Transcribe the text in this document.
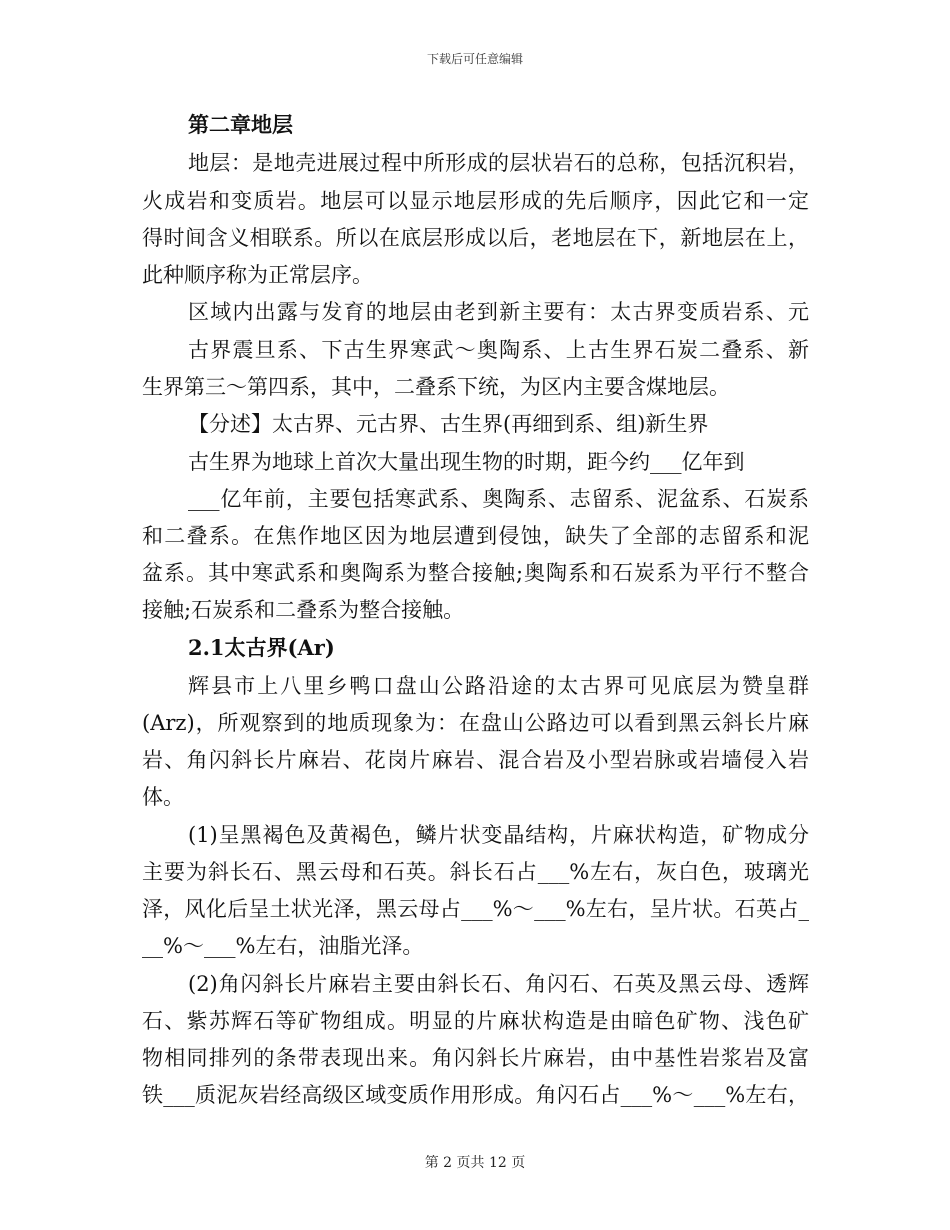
下载后可任意编辑
第二章地层
地层：是地壳进展过程中所形成的层状岩石的总称，包括沉积岩，
火成岩和变质岩。地层可以显示地层形成的先后顺序，因此它和一定
得时间含义相联系。所以在底层形成以后，老地层在下，新地层在上，
此种顺序称为正常层序。
区域内出露与发育的地层由老到新主要有：太古界变质岩系、元
古界震旦系、下古生界寒武～奥陶系、上古生界石炭二叠系、新
生界第三～第四系，其中，二叠系下统，为区内主要含煤地层。
【分述】太古界、元古界、古生界(再细到系、组)新生界
古生界为地球上首次大量出现生物的时期，距今约___亿年到
___亿年前，主要包括寒武系、奥陶系、志留系、泥盆系、石炭系
和二叠系。在焦作地区因为地层遭到侵蚀，缺失了全部的志留系和泥
盆系。其中寒武系和奥陶系为整合接触;奥陶系和石炭系为平行不整合
接触;石炭系和二叠系为整合接触。
2.1太古界(Ar)
辉县市上八里乡鸭口盘山公路沿途的太古界可见底层为赞皇群
(Arz)，所观察到的地质现象为：在盘山公路边可以看到黑云斜长片麻
岩、角闪斜长片麻岩、花岗片麻岩、混合岩及小型岩脉或岩墙侵入岩
体。
(1)呈黑褐色及黄褐色，鳞片状变晶结构，片麻状构造，矿物成分
主要为斜长石、黑云母和石英。斜长石占___%左右，灰白色，玻璃光
泽，风化后呈土状光泽，黑云母占___%～___%左右，呈片状。石英占_
__%～___%左右，油脂光泽。
(2)角闪斜长片麻岩主要由斜长石、角闪石、石英及黑云母、透辉
石、紫苏辉石等矿物组成。明显的片麻状构造是由暗色矿物、浅色矿
物相同排列的条带表现出来。角闪斜长片麻岩，由中基性岩浆岩及富
铁___质泥灰岩经高级区域变质作用形成。角闪石占___%～___%左右，
第 2 页共 12 页
